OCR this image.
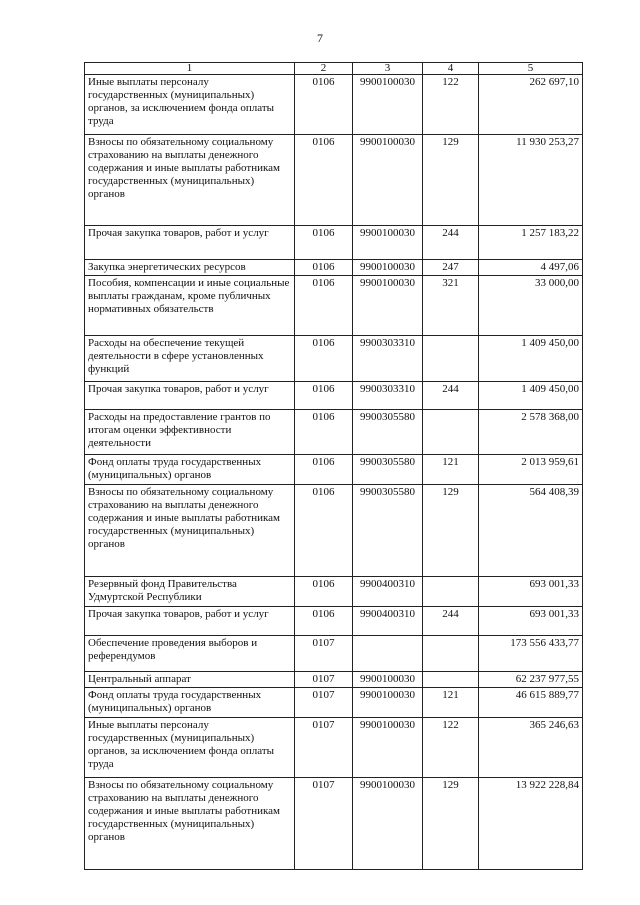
7
1	2	3	4	5
Иные выплаты персоналу государственных (муниципальных) органов, за исключением фонда оплаты труда	0106	9900100030	122	262 697,10
Взносы по обязательному социальному страхованию на выплаты денежного содержания и иные выплаты работникам государственных (муниципальных) органов	0106	9900100030	129	11 930 253,27
Прочая закупка товаров, работ и услуг	0106	9900100030	244	1 257 183,22
Закупка энергетических ресурсов	0106	9900100030	247	4 497,06
Пособия, компенсации и иные социальные выплаты гражданам, кроме публичных нормативных обязательств	0106	9900100030	321	33 000,00
Расходы на обеспечение текущей деятельности в сфере установленных функций	0106	9900303310		1 409 450,00
Прочая закупка товаров, работ и услуг	0106	9900303310	244	1 409 450,00
Расходы на предоставление грантов по итогам оценки эффективности деятельности	0106	9900305580		2 578 368,00
Фонд оплаты труда государственных (муниципальных) органов	0106	9900305580	121	2 013 959,61
Взносы по обязательному социальному страхованию на выплаты денежного содержания и иные выплаты работникам государственных (муниципальных) органов	0106	9900305580	129	564 408,39
Резервный фонд Правительства Удмуртской Республики	0106	9900400310		693 001,33
Прочая закупка товаров, работ и услуг	0106	9900400310	244	693 001,33
Обеспечение проведения выборов и референдумов	0107			173 556 433,77
Центральный аппарат	0107	9900100030		62 237 977,55
Фонд оплаты труда государственных (муниципальных) органов	0107	9900100030	121	46 615 889,77
Иные выплаты персоналу государственных (муниципальных) органов, за исключением фонда оплаты труда	0107	9900100030	122	365 246,63
Взносы по обязательному социальному страхованию на выплаты денежного содержания и иные выплаты работникам государственных (муниципальных) органов	0107	9900100030	129	13 922 228,84
